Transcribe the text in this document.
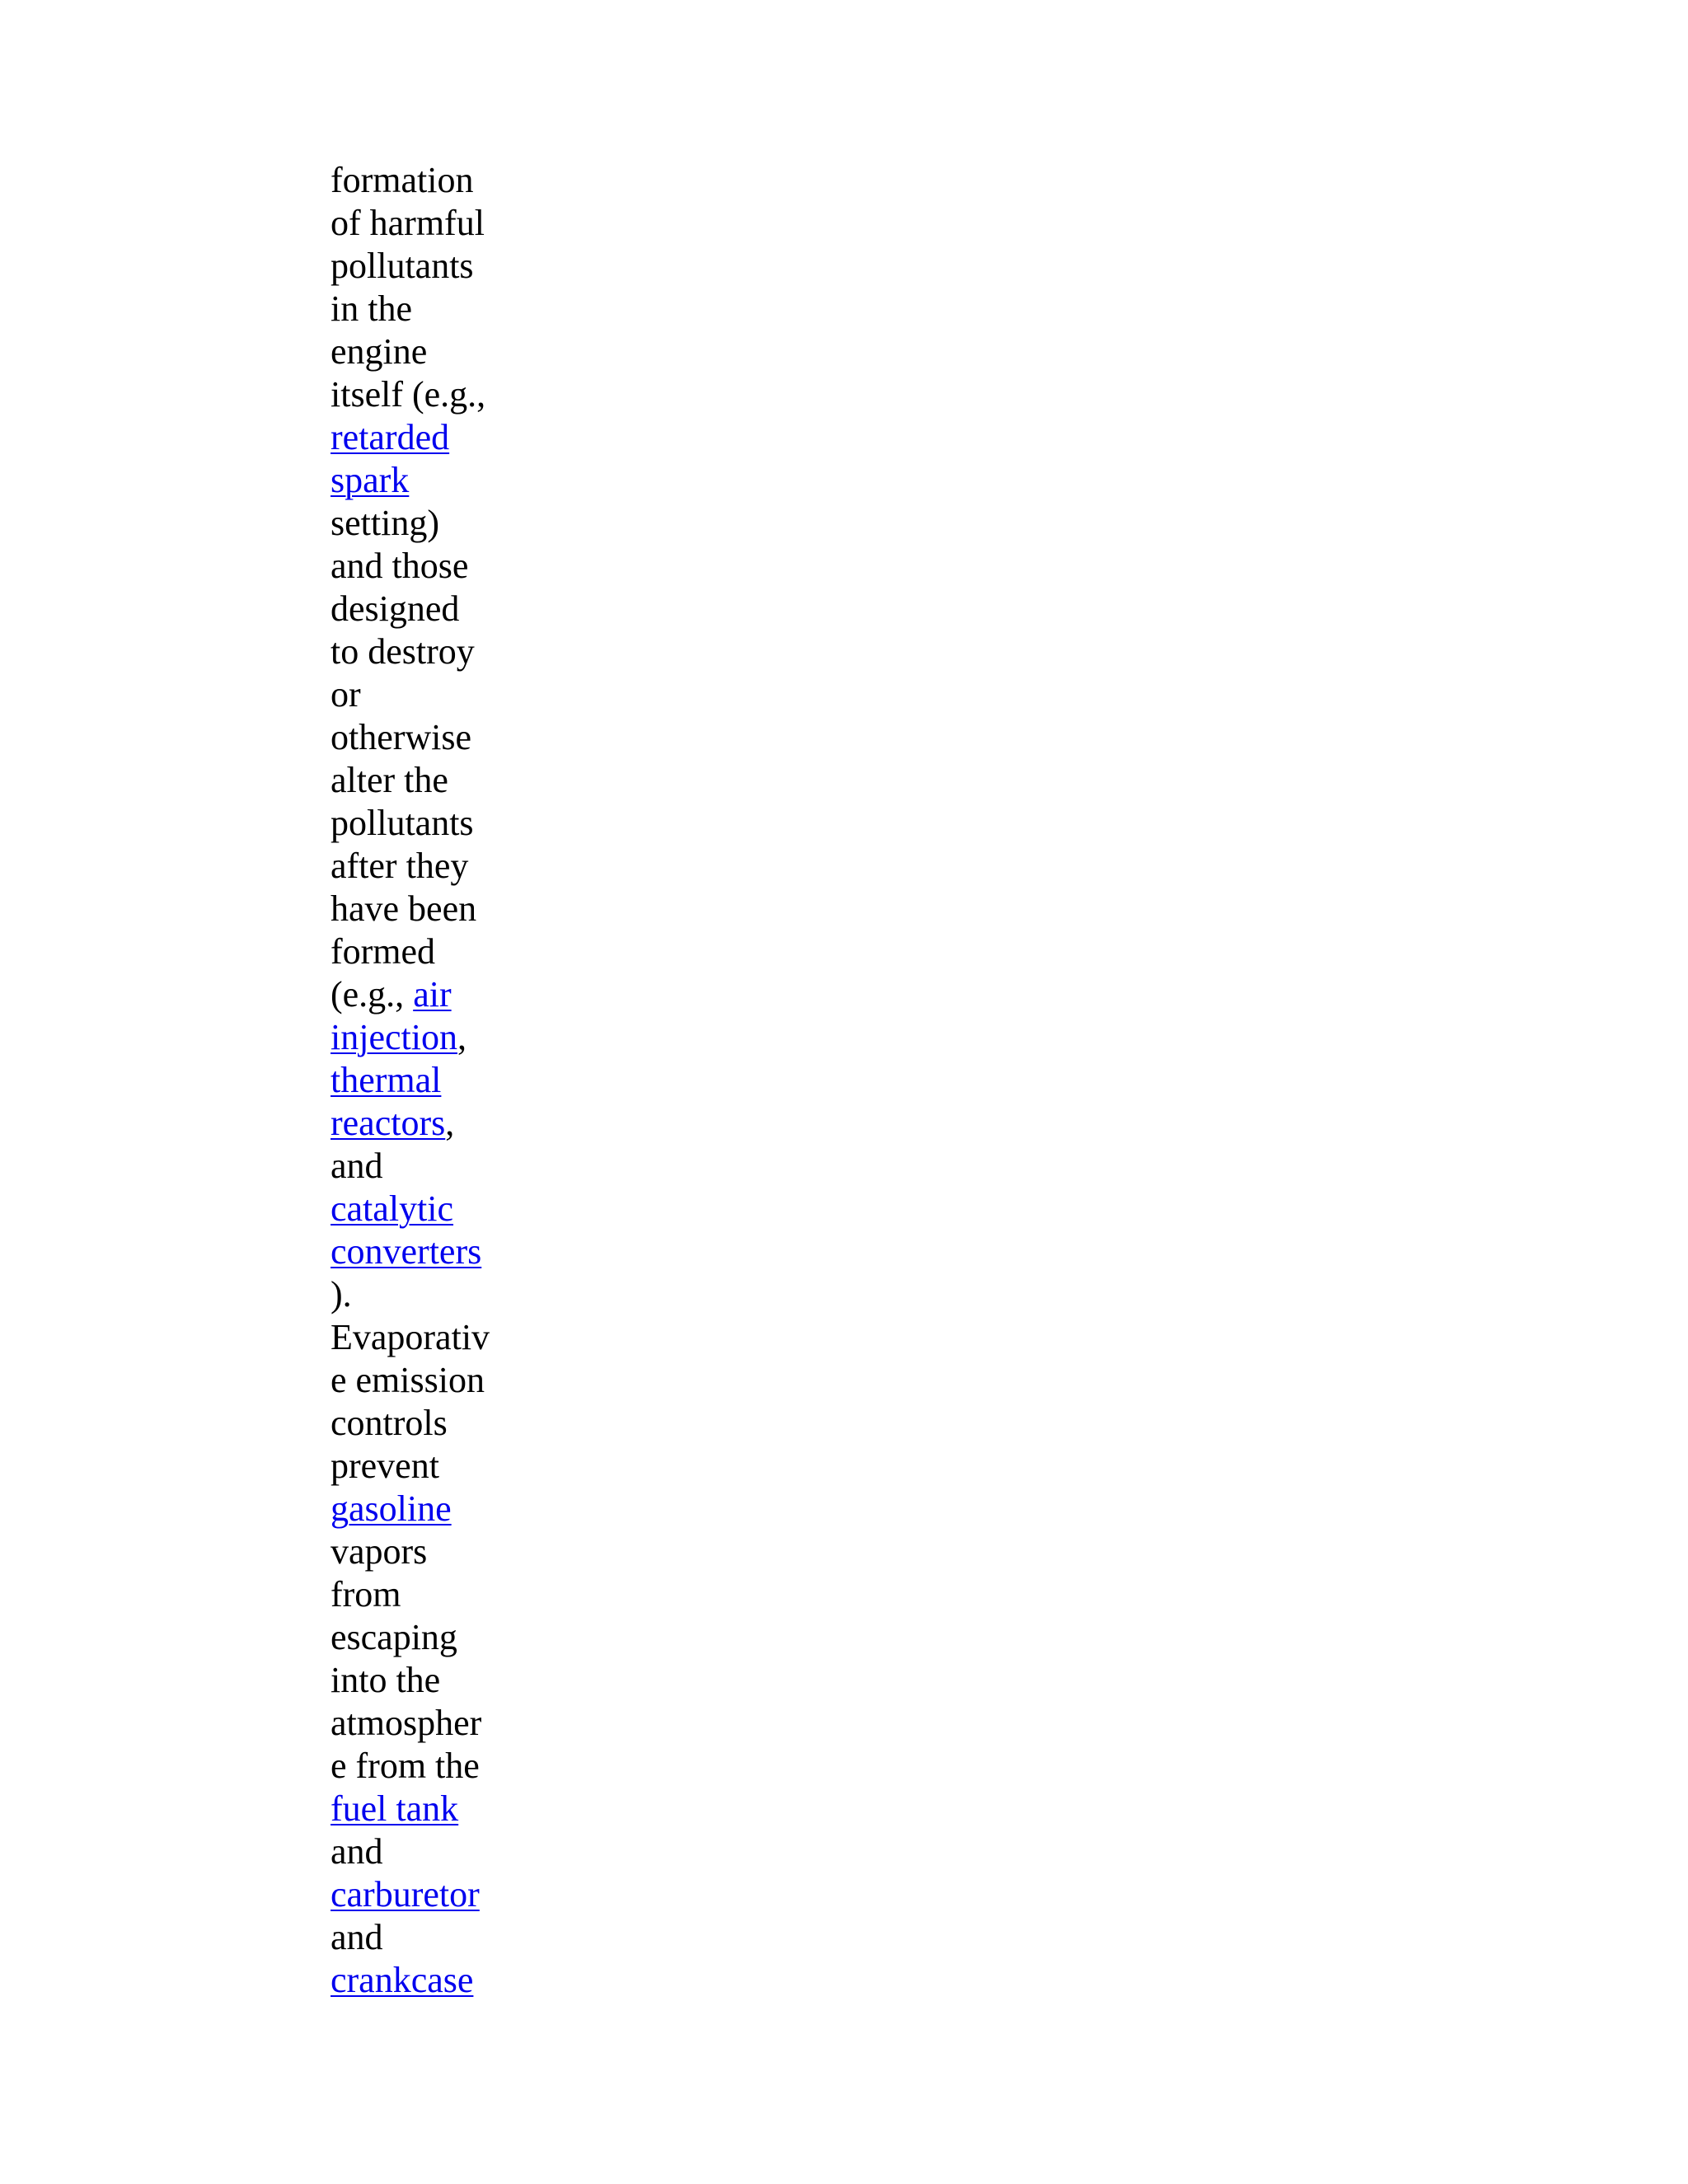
formation
of harmful
pollutants
in the
engine
itself (e.g.,
retarded
spark
setting)
and those
designed
to destroy
or
otherwise
alter the
pollutants
after they
have been
formed
(e.g., air
injection,
thermal
reactors,
and
catalytic
converters
).
Evaporativ
e emission
controls
prevent
gasoline
vapors
from
escaping
into the
atmospher
e from the
fuel tank
and
carburetor
and
crankcase
